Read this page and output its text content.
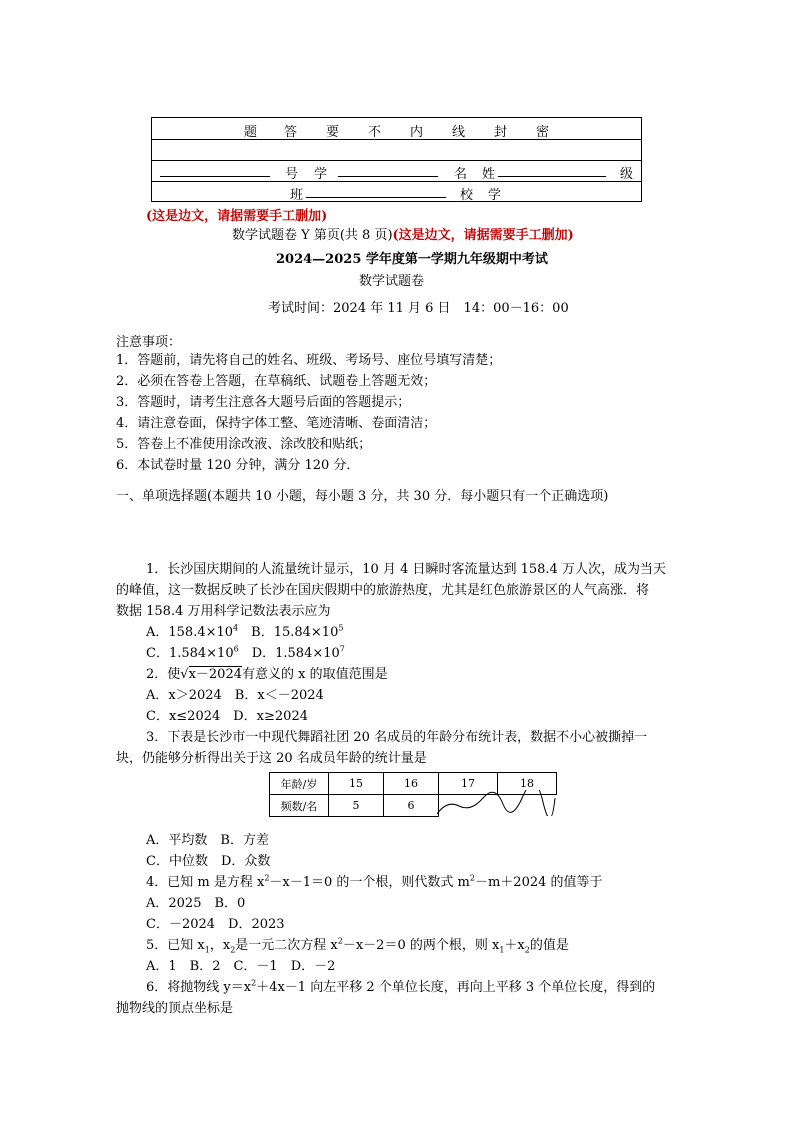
题 答 要 不 内 线 封 密
号 学	名 姓	级
班	校 学
(这是边文，请据需要手工删加)
数学试题卷 Y 第页(共 8 页)(这是边文，请据需要手工删加)
2024—2025 学年度第一学期九年级期中考试
数学试题卷
考试时间：2024 年 11 月 6 日　14：00－16：00
注意事项：
1．答题前，请先将自己的姓名、班级、考场号、座位号填写清楚；
2．必须在答卷上答题，在草稿纸、试题卷上答题无效；
3．答题时，请考生注意各大题号后面的答题提示；
4．请注意卷面，保持字体工整、笔迹清晰、卷面清洁；
5．答卷上不准使用涂改液、涂改胶和贴纸；
6．本试卷时量 120 分钟，满分 120 分．
一、单项选择题(本题共 10 小题，每小题 3 分，共 30 分．每小题只有一个正确选项)
1．长沙国庆期间的人流量统计显示，10 月 4 日瞬时客流量达到 158.4 万人次，成为当天
的峰值，这一数据反映了长沙在国庆假期中的旅游热度，尤其是红色旅游景区的人气高涨．将
数据 158.4 万用科学记数法表示应为
A．$158.4\times 10^4$　B．$15.84\times 10^5$
C．$1.584\times 10^6$　D．$1.584\times 10^7$
2．使√x－2024有意义的 x 的取值范围是
A．x＞2024　B．x＜－2024
C．x≤2024　D．x≥2024
3．下表是长沙市一中现代舞蹈社团 20 名成员的年龄分布统计表，数据不小心被撕掉一
块，仍能够分析得出关于这 20 名成员年龄的统计量是
年龄/岁	15	16	17	18
频数/名	5	6		
A．平均数　B．方差
C．中位数　D．众数
4．已知 m 是方程 $x^2-x-1=0$ 的一个根，则代数式 $m^2-m+2024$ 的值等于
A．2025　B．0
C．－2024　D．2023
5．已知 $x_1$，$x_2$是一元二次方程 $x^2-x-2=0$ 的两个根，则 $x_1+x_2$的值是
A．1　B．2　C．－1　D．－2
6．将抛物线 $y=x^2+4x-1$ 向左平移 2 个单位长度，再向上平移 3 个单位长度，得到的
抛物线的顶点坐标是
